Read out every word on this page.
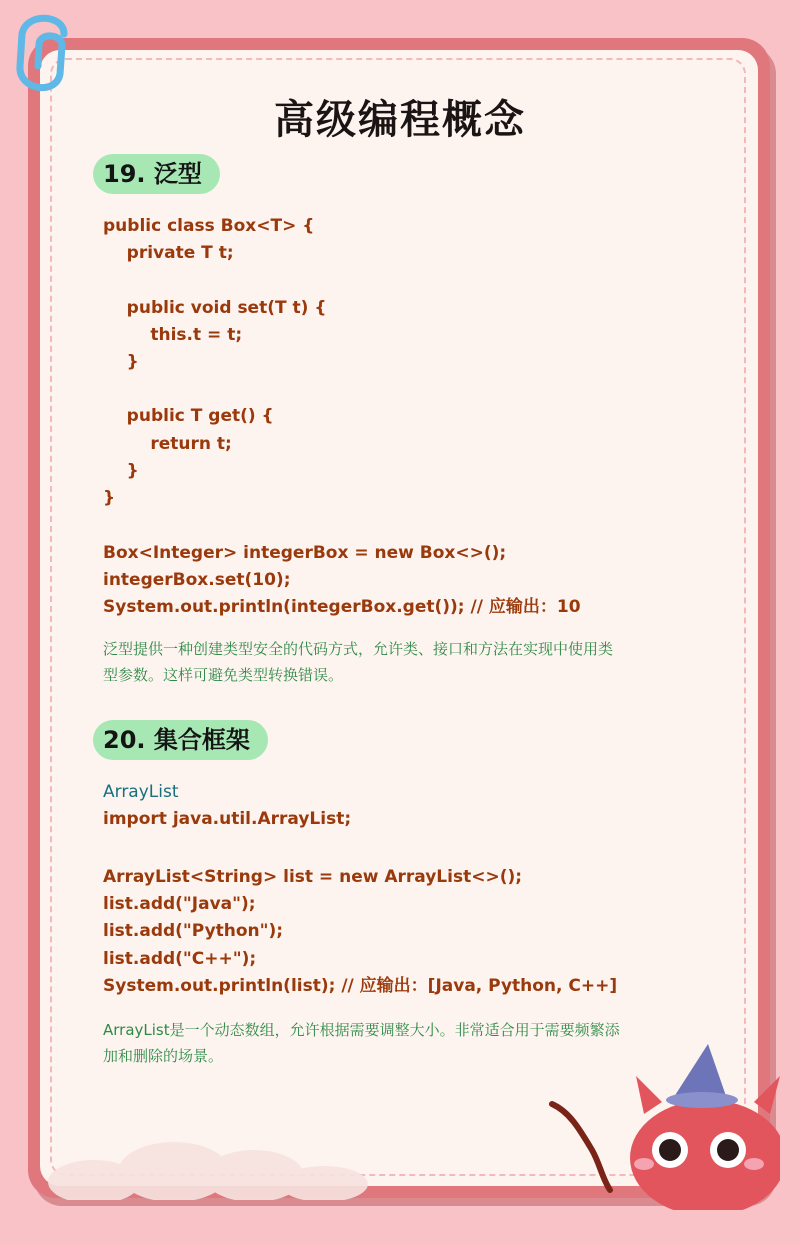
高级编程概念
19. 泛型
public class Box<T> {
private T t;
public void set(T t) {
this.t = t;
}
public T get() {
return t;
}
}
Box<Integer> integerBox = new Box<>();
integerBox.set(10);
System.out.println(integerBox.get()); // 应输出：10
泛型提供一种创建类型安全的代码方式，允许类、接口和方法在实现中使用类
型参数。这样可避免类型转换错误。
20. 集合框架
ArrayList
import java.util.ArrayList;
ArrayList<String> list = new ArrayList<>();
list.add("Java");
list.add("Python");
list.add("C++");
System.out.println(list); // 应输出：[Java, Python, C++]
ArrayList是一个动态数组，允许根据需要调整大小。非常适合用于需要频繁添
加和删除的场景。
